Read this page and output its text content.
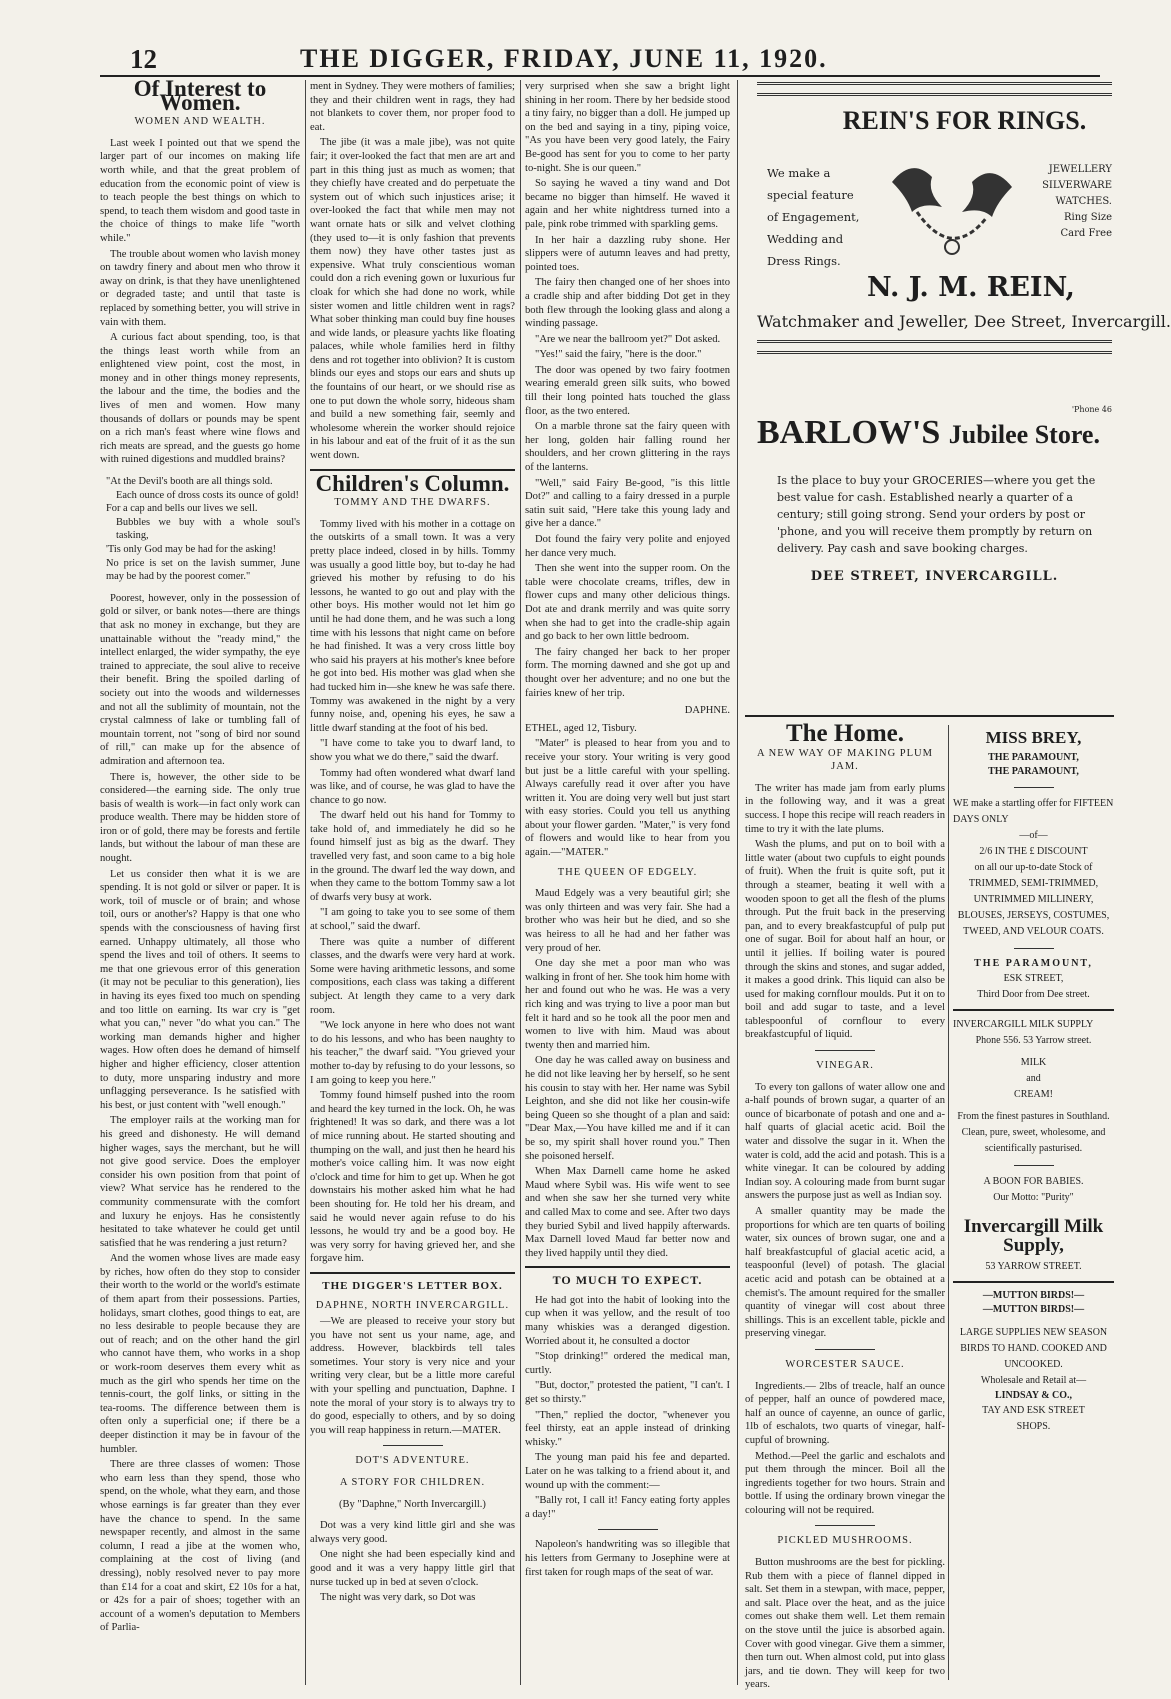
12	THE DIGGER, FRIDAY, JUNE 11, 1920.
Of Interest to Women.
WOMEN AND WEALTH.

Last week I pointed out that we spend the larger part of our incomes on making life worth while, and that the great problem of education from the economic point of view is to teach people the best things on which to spend, to teach them wisdom and good taste in the choice of things to make life "worth while."

The trouble about women who lavish money on tawdry finery and about men who throw it away on drink, is that they have unenlightened or degraded taste; and until that taste is replaced by something better, you will strive in vain with them.

A curious fact about spending, too, is that the things least worth while from an enlightened view point, cost the most, in money and in other things money represents, the labour and the time, the bodies and the lives of men and women. How many thousands of dollars or pounds may be spent on a rich man's feast where wine flows and rich meats are spread, and the guests go home with ruined digestions and muddled brains?

"At the Devil's booth are all things sold.
Each ounce of dross costs its ounce of gold!
For a cap and bells our lives we sell.
Bubbles we buy with a whole soul's tasking,
'Tis only God may be had for the asking!
No price is set on the lavish summer, June may be had by the poorest comer."

Poorest, however, only in the possession of gold or silver, or bank notes—there are things that ask no money in exchange, but they are unattainable without the "ready mind," the intellect enlarged, the wider sympathy, the eye trained to appreciate, the soul alive to receive their benefit. Bring the spoiled darling of society out into the woods and wildernesses and not all the sublimity of mountain, not the crystal calmness of lake or tumbling fall of mountain torrent, not "song of bird nor sound of rill," can make up for the absence of admiration and afternoon tea.

There is, however, the other side to be considered—the earning side. The only true basis of wealth is work—in fact only work can produce wealth. There may be hidden store of iron or of gold, there may be forests and fertile lands, but without the labour of man these are nought.

Let us consider then what it is we are spending. It is not gold or silver or paper. It is work, toil of muscle or of brain; and whose toil, ours or another's? Happy is that one who spends with the consciousness of having first earned. Unhappy ultimately, all those who spend the lives and toil of others. It seems to me that one grievous error of this generation (it may not be peculiar to this generation), lies in having its eyes fixed too much on spending and too little on earning. Its war cry is "get what you can," never "do what you can." The working man demands higher and higher wages. How often does he demand of himself higher and higher efficiency, closer attention to duty, more unsparing industry and more unflagging perseverance. Is he satisfied with his best, or just content with "well enough."

The employer rails at the working man for his greed and dishonesty. He will demand higher wages, says the merchant, but he will not give good service. Does the employer consider his own position from that point of view? What service has he rendered to the community commensurate with the comfort and luxury he enjoys. Has he consistently hesitated to take whatever he could get until satisfied that he was rendering a just return?

And the women whose lives are made easy by riches, how often do they stop to consider their worth to the world or the world's estimate of them apart from their possessions. Parties, holidays, smart clothes, good things to eat, are no less desirable to people because they are out of reach; and on the other hand the girl who cannot have them, who works in a shop or work-room deserves them every whit as much as the girl who spends her time on the tennis-court, the golf links, or sitting in the tea-rooms. The difference between them is often only a superficial one; if there be a deeper distinction it may be in favour of the humbler.

There are three classes of women: Those who earn less than they spend, those who spend, on the whole, what they earn, and those whose earnings is far greater than they ever have the chance to spend. In the same newspaper recently, and almost in the same column, I read a jibe at the women who, complaining at the cost of living (and dressing), nobly resolved never to pay more than £14 for a coat and skirt, £2 10s for a hat, or 42s for a pair of shoes; together with an account of a women's deputation to Members of Parlia-

ment in Sydney. They were mothers of families; they and their children went in rags, they had not blankets to cover them, nor proper food to eat.

The jibe (it was a male jibe), was not quite fair; it over-looked the fact that men are art and part in this thing just as much as women; that they chiefly have created and do perpetuate the system out of which such injustices arise; it over-looked the fact that while men may not want ornate hats or silk and velvet clothing (they used to—it is only fashion that prevents them now) they have other tastes just as expensive. What truly conscientious woman could don a rich evening gown or luxurious fur cloak for which she had done no work, while sister women and little children went in rags? What sober thinking man could buy fine houses and wide lands, or pleasure yachts like floating palaces, while whole families herd in filthy dens and rot together into oblivion? It is custom blinds our eyes and stops our ears and shuts up the fountains of our heart, or we should rise as one to put down the whole sorry, hideous sham and build a new something fair, seemly and wholesome wherein the worker should rejoice in his labour and eat of the fruit of it as the sun went down.

Children's Column.
TOMMY AND THE DWARFS.

Tommy lived with his mother in a cottage on the outskirts of a small town. It was a very pretty place indeed, closed in by hills. Tommy was usually a good little boy, but to-day he had grieved his mother by refusing to do his lessons, he wanted to go out and play with the other boys. His mother would not let him go until he had done them, and he was such a long time with his lessons that night came on before he had finished. It was a very cross little boy who said his prayers at his mother's knee before he got into bed. His mother was glad when she had tucked him in—she knew he was safe there. Tommy was awakened in the night by a very funny noise, and, opening his eyes, he saw a little dwarf standing at the foot of his bed.

"I have come to take you to dwarf land, to show you what we do there," said the dwarf.

Tommy had often wondered what dwarf land was like, and of course, he was glad to have the chance to go now.

The dwarf held out his hand for Tommy to take hold of, and immediately he did so he found himself just as big as the dwarf. They travelled very fast, and soon came to a big hole in the ground. The dwarf led the way down, and when they came to the bottom Tommy saw a lot of dwarfs very busy at work.

"I am going to take you to see some of them at school," said the dwarf.

There was quite a number of different classes, and the dwarfs were very hard at work. Some were having arithmetic lessons, and some compositions, each class was taking a different subject. At length they came to a very dark room.

"We lock anyone in here who does not want to do his lessons, and who has been naughty to his teacher," the dwarf said. "You grieved your mother to-day by refusing to do your lessons, so I am going to keep you here."

Tommy found himself pushed into the room and heard the key turned in the lock. Oh, he was frightened! It was so dark, and there was a lot of mice running about. He started shouting and thumping on the wall, and just then he heard his mother's voice calling him. It was now eight o'clock and time for him to get up. When he got downstairs his mother asked him what he had been shouting for. He told her his dream, and said he would never again refuse to do his lessons, he would try and be a good boy. He was very sorry for having grieved her, and she forgave him.

THE DIGGER'S LETTER BOX.
DAPHNE, NORTH INVERCARGILL.

—We are pleased to receive your story but you have not sent us your name, age, and address. However, blackbirds tell tales sometimes. Your story is very nice and your writing very clear, but be a little more careful with your spelling and punctuation, Daphne. I note the moral of your story is to always try to do good, especially to others, and by so doing you will reap happiness in return.—MATER.

DOT'S ADVENTURE.
A STORY FOR CHILDREN.
(By "Daphne," North Invercargill.)

Dot was a very kind little girl and she was always very good.

One night she had been especially kind and good and it was a very happy little girl that nurse tucked up in bed at seven o'clock.

The night was very dark, so Dot was

very surprised when she saw a bright light shining in her room. There by her bedside stood a tiny fairy, no bigger than a doll. He jumped up on the bed and saying in a tiny, piping voice, "As you have been very good lately, the Fairy Be-good has sent for you to come to her party to-night. She is our queen."

So saying he waved a tiny wand and Dot became no bigger than himself. He waved it again and her white nightdress turned into a pale, pink robe trimmed with sparkling gems.

In her hair a dazzling ruby shone. Her slippers were of autumn leaves and had pretty, pointed toes.

The fairy then changed one of her shoes into a cradle ship and after bidding Dot get in they both flew through the looking glass and along a winding passage.

"Are we near the ballroom yet?" Dot asked.

"Yes!" said the fairy, "here is the door."

The door was opened by two fairy footmen wearing emerald green silk suits, who bowed till their long pointed hats touched the glass floor, as the two entered.

On a marble throne sat the fairy queen with her long, golden hair falling round her shoulders, and her crown glittering in the rays of the lanterns.

"Well," said Fairy Be-good, "is this little Dot?" and calling to a fairy dressed in a purple satin suit said, "Here take this young lady and give her a dance."

Dot found the fairy very polite and enjoyed her dance very much.

Then she went into the supper room. On the table were chocolate creams, trifles, dew in flower cups and many other delicious things. Dot ate and drank merrily and was quite sorry when she had to get into the cradle-ship again and go back to her own little bedroom.

The fairy changed her back to her proper form. The morning dawned and she got up and thought over her adventure; and no one but the fairies knew of her trip.

DAPHNE.

ETHEL, aged 12, Tisbury.

"Mater" is pleased to hear from you and to receive your story. Your writing is very good but just be a little careful with your spelling. Always carefully read it over after you have written it. You are doing very well but just start with easy stories. Could you tell us anything about your flower garden. "Mater," is very fond of flowers and would like to hear from you again.—"MATER."

THE QUEEN OF EDGELY.

Maud Edgely was a very beautiful girl; she was only thirteen and was very fair. She had a brother who was heir but he died, and so she was heiress to all he had and her father was very proud of her.

One day she met a poor man who was walking in front of her. She took him home with her and found out who he was. He was a very rich king and was trying to live a poor man but felt it hard and so he took all the poor men and women to live with him. Maud was about twenty then and married him.

One day he was called away on business and he did not like leaving her by herself, so he sent his cousin to stay with her. Her name was Sybil Leighton, and she did not like her cousin-wife being Queen so she thought of a plan and said: "Dear Max,—You have killed me and if it can be so, my spirit shall hover round you." Then she poisoned herself.

When Max Darnell came home he asked Maud where Sybil was. His wife went to see and when she saw her she turned very white and called Max to come and see. After two days they buried Sybil and lived happily afterwards. Max Darnell loved Maud far better now and they lived happily until they died.

TO MUCH TO EXPECT.

He had got into the habit of looking into the cup when it was yellow, and the result of too many whiskies was a deranged digestion. Worried about it, he consulted a doctor

"Stop drinking!" ordered the medical man, curtly.

"But, doctor," protested the patient, "I can't. I get so thirsty."

"Then," replied the doctor, "whenever you feel thirsty, eat an apple instead of drinking whisky."

The young man paid his fee and departed. Later on he was talking to a friend about it, and wound up with the comment:—

"Bally rot, I call it! Fancy eating forty apples a day!"

Napoleon's handwriting was so illegible that his letters from Germany to Josephine were at first taken for rough maps of the seat of war.

REIN'S FOR RINGS.
We make a
special feature
of Engagement,
Wedding and
Dress Rings.
JEWELLERY
SILVERWARE
WATCHES.
Ring Size
Card Free
N. J. M. REIN,
Watchmaker and Jeweller, Dee Street, Invercargill.
'Phone 46
BARLOW'S Jubilee Store.
Is the place to buy your GROCERIES—where you get the best value for cash. Established nearly a quarter of a century; still going strong. Send your orders by post or 'phone, and you will receive them promptly by return on delivery. Pay cash and save booking charges.
DEE STREET, INVERCARGILL.
The Home.
A NEW WAY OF MAKING PLUM JAM.

The writer has made jam from early plums in the following way, and it was a great success. I hope this recipe will reach readers in time to try it with the late plums.

Wash the plums, and put on to boil with a little water (about two cupfuls to eight pounds of fruit). When the fruit is quite soft, put it through a steamer, beating it well with a wooden spoon to get all the flesh of the plums through. Put the fruit back in the preserving pan, and to every breakfastcupful of pulp put one of sugar. Boil for about half an hour, or until it jellies. If boiling water is poured through the skins and stones, and sugar added, it makes a good drink. This liquid can also be used for making cornflour moulds. Put it on to boil and add sugar to taste, and a level tablespoonful of cornflour to every breakfastcupful of liquid.

VINEGAR.

To every ton gallons of water allow one and a-half pounds of brown sugar, a quarter of an ounce of bicarbonate of potash and one and a-half quarts of glacial acetic acid. Boil the water and dissolve the sugar in it. When the water is cold, add the acid and potash. This is a white vinegar. It can be coloured by adding Indian soy. A colouring made from burnt sugar answers the purpose just as well as Indian soy.

A smaller quantity may be made the proportions for which are ten quarts of boiling water, six ounces of brown sugar, one and a half breakfastcupful of glacial acetic acid, a teaspoonful (level) of potash. The glacial acetic acid and potash can be obtained at a chemist's. The amount required for the smaller quantity of vinegar will cost about three shillings. This is an excellent table, pickle and preserving vinegar.

WORCESTER SAUCE.

Ingredients.— 2lbs of treacle, half an ounce of pepper, half an ounce of powdered mace, half an ounce of cayenne, an ounce of garlic, 1lb of eschalots, two quarts of vinegar, half-cupful of browning.

Method.—Peel the garlic and eschalots and put them through the mincer. Boil all the ingredients together for two hours. Strain and bottle. If using the ordinary brown vinegar the colouring will not be required.

PICKLED MUSHROOMS.

Button mushrooms are the best for pickling. Rub them with a piece of flannel dipped in salt. Set them in a stewpan, with mace, pepper, and salt. Place over the heat, and as the juice comes out shake them well. Let them remain on the stove until the juice is absorbed again. Cover with good vinegar. Give them a simmer, then turn out. When almost cold, put into glass jars, and tie down. They will keep for two years.

MISS BREY,
THE PARAMOUNT,
THE PARAMOUNT,
WE make a startling offer for FIFTEEN DAYS ONLY
—of—
2/6 IN THE £ DISCOUNT
on all our up-to-date Stock of TRIMMED, SEMI-TRIMMED, UNTRIMMED MILLINERY, BLOUSES, JERSEYS, COSTUMES, TWEED, AND VELOUR COATS.
THE PARAMOUNT,
ESK STREET,
Third Door from Dee street.
INVERCARGILL MILK SUPPLY
Phone 556. 53 Yarrow street.
MILK
and
CREAM!
From the finest pastures in Southland. Clean, pure, sweet, wholesome, and scientifically pasturised.
A BOON FOR BABIES.
Our Motto: "Purity"
Invercargill Milk
Supply,
53 YARROW STREET.
—MUTTON BIRDS!—
—MUTTON BIRDS!—
LARGE SUPPLIES NEW SEASON BIRDS TO HAND. COOKED AND UNCOOKED.
Wholesale and Retail at—
LINDSAY & CO.,
TAY AND ESK STREET
SHOPS.
